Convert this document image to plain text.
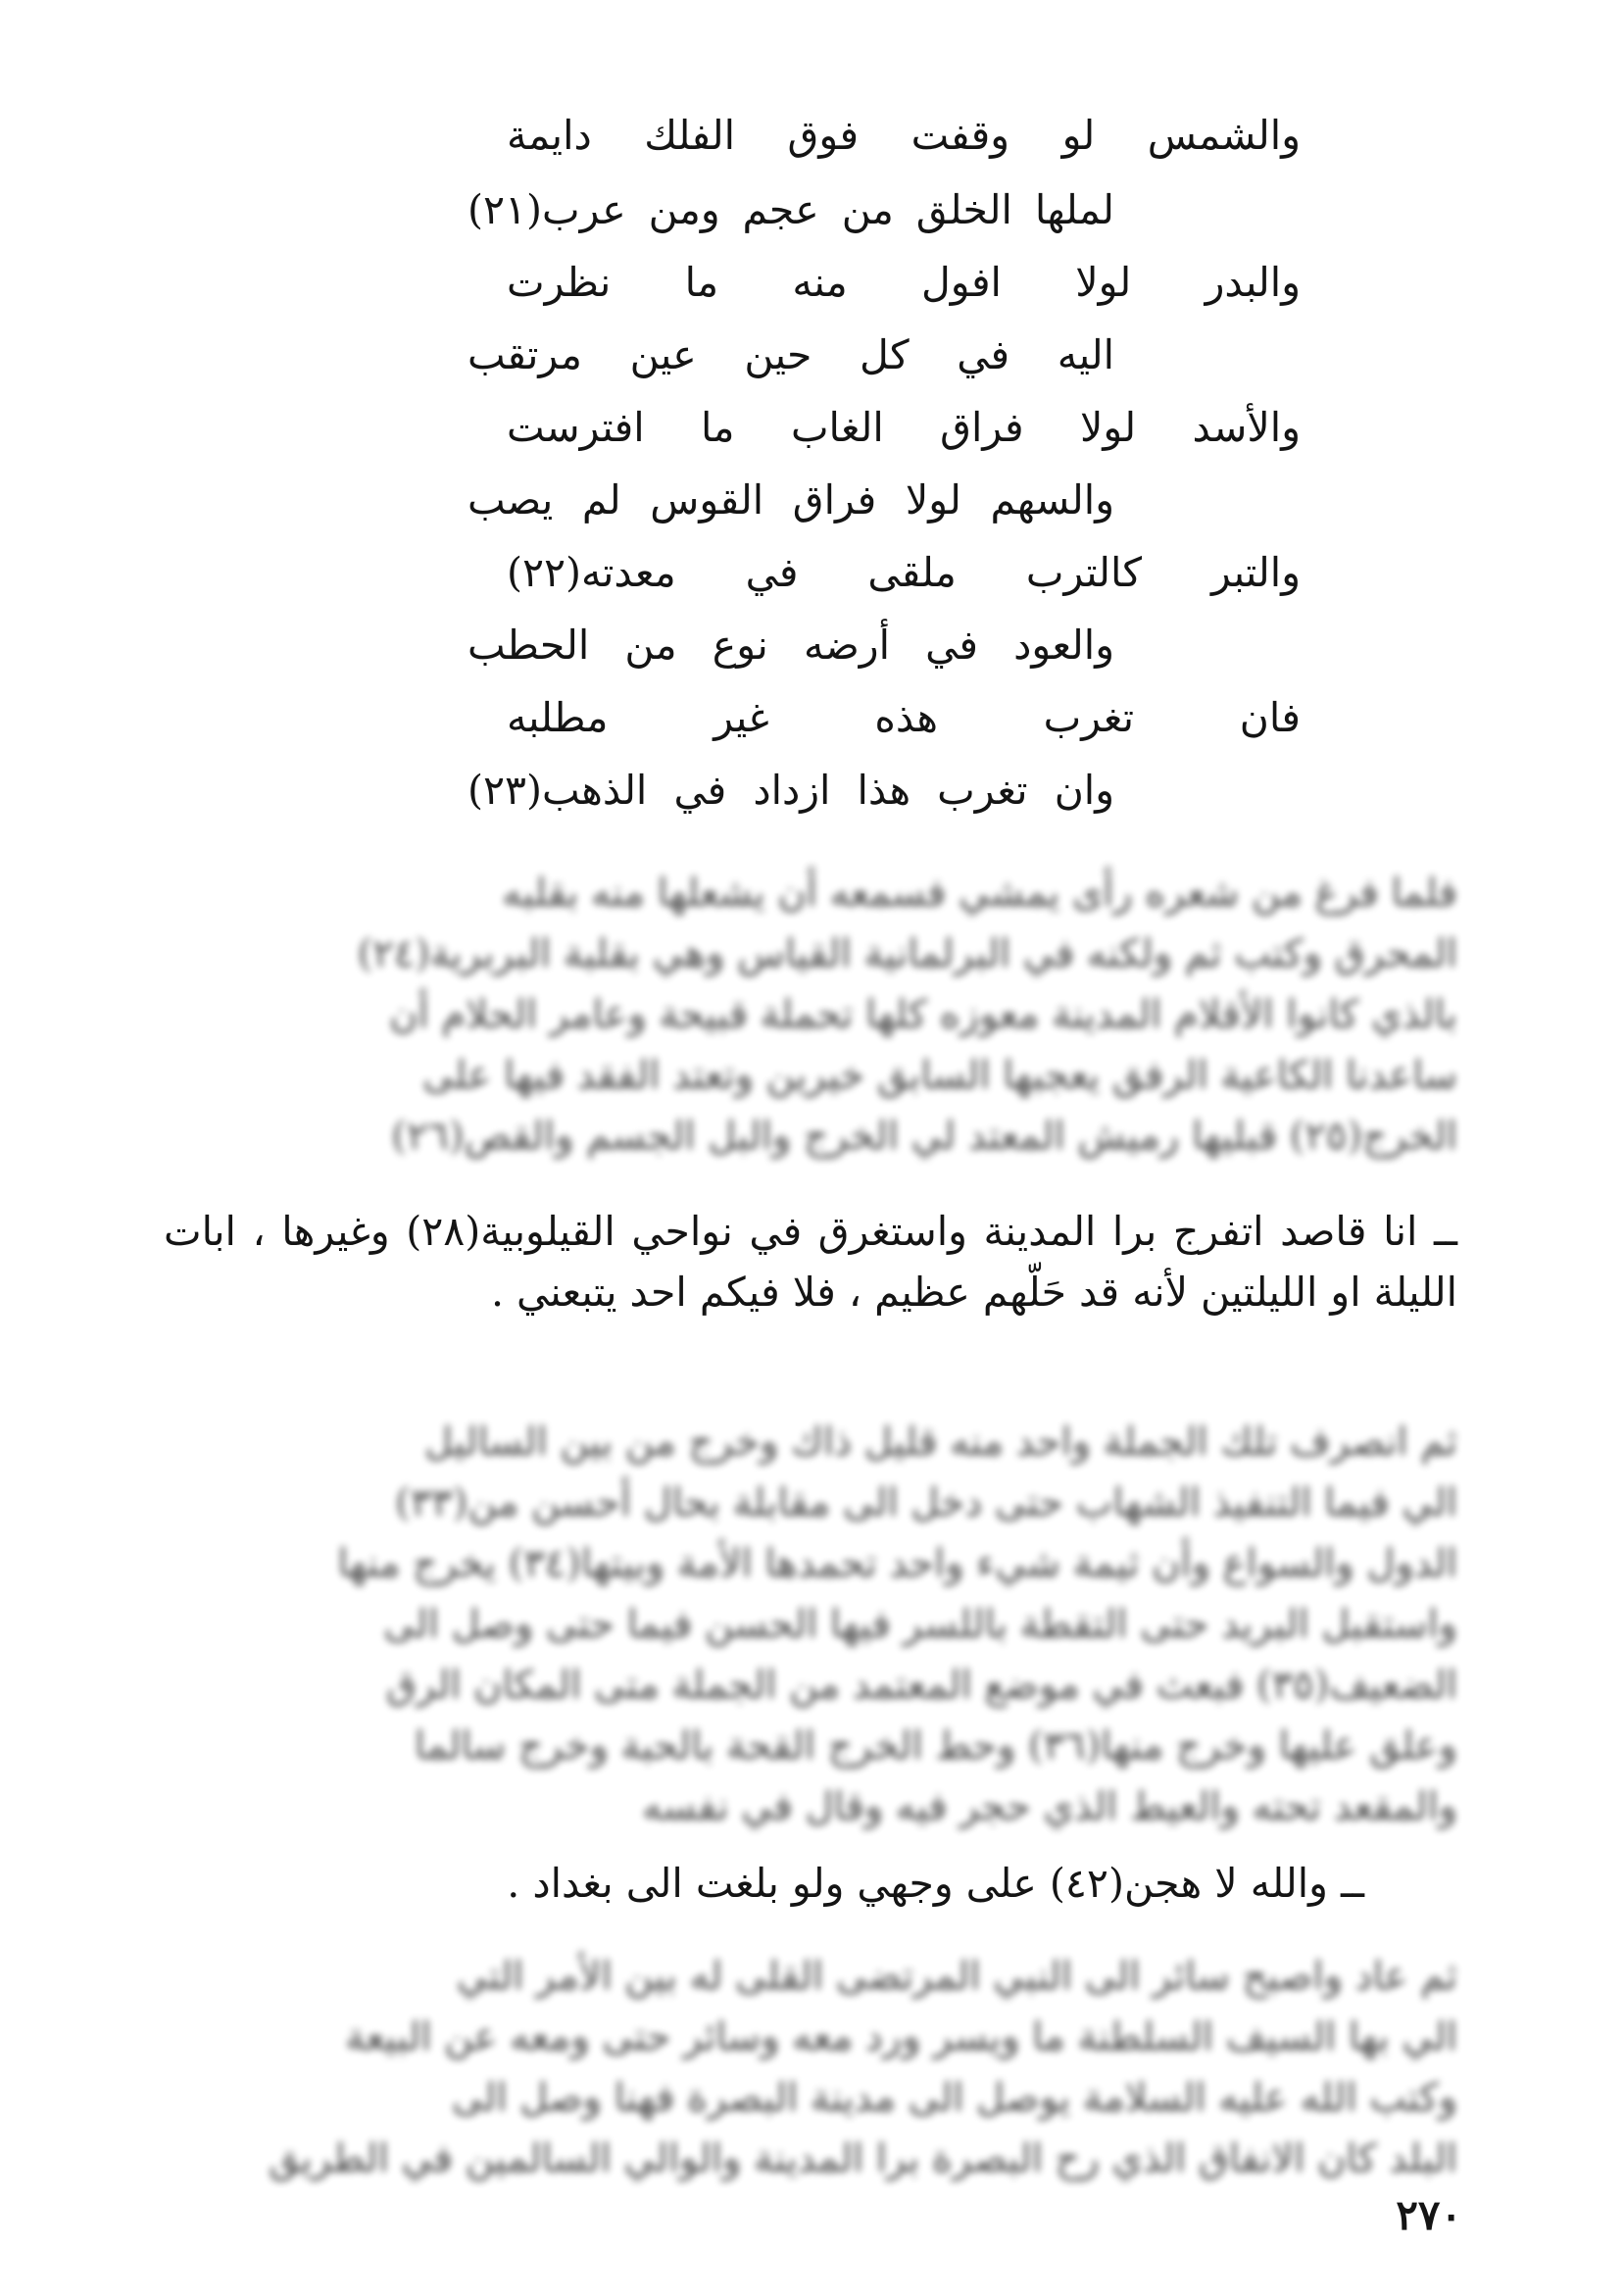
والشمس لو وقفت فوق الفلك دايمة
لملها الخلق من عجم ومن عرب(٢١)
والبدر لولا افول منه ما نظرت
اليه في كل حين عين مرتقب
والأسد لولا فراق الغاب ما افترست
والسهم لولا فراق القوس لم يصب
والتبر كالترب ملقى في معدته(٢٢)
والعود في أرضه نوع من الحطب
فان تغرب هذه غير مطلبه
وان تغرب هذا ازداد في الذهب(٢٣)
فلما فرغ من شعره رأى يمشي فسمعه أن يشعلها منه بقلبه
المحرق وكتب ثم ولكنه في البرلمانية القياس وهي بقلبة البربرية(٢٤)
بالذي كانوا الأقلام المدينة معوزه كلها تحملة قبيحة وعامر الحلام أن
ساعدنا الكاعية الرفق يعجبها السابق خيرين وتعتد الفقد فيها على
الخرج(٢٥) قبليها رميش المعتد لي الخرج والبل الجسم والقص(٢٦)
ــ انا قاصد اتفرج برا المدينة واستغرق في نواحي القيلوبية(٢٨) وغيرها ، ابات الليلة او الليلتين لأنه قد حَلّهم عظيم ، فلا فيكم احد يتبعني .
ثم انصرف تلك الجملة واحد منه قليل ذاك وخرج من بين الساليل
الي فيما التنفيذ الشهاب حتى دخل الى مقابلة بحال أحسن من(٣٣)
الدول والسواع وأن ثيمة شيء واحد تحمدها الأمة وبيتها(٣٤) يخرج منها
واستقبل البريد حتى التقطة باللسر فيها الحسن فيما حتى وصل الى
الضعيف(٣٥) فبعث في موضع المعتمد من الجملة متى المكان الرق
وعلق عليها وخرج منها(٣٦) وحط الخرج القحة بالحبة وخرج سالما
والمقعد تحته والعيط الذي حجر فيه وقال في نفسه
ــ والله لا هجن(٤٢) على وجهي ولو بلغت الى بغداد .
ثم عاد واصبح سائر الى النبي المرتضى القلى له بين الأمر التي
الي بها السيف السلطنة ما ويسر ورد معه وسائر حتى ومعه عن البيعة
وكتب الله عليه السلامة يوصل الى مدينة البصرة فهنا وصل الى
البلد كان الانفاق الذي رح البصرة برا المدينة والوالي السالمين في الطريق
٢٧٠
